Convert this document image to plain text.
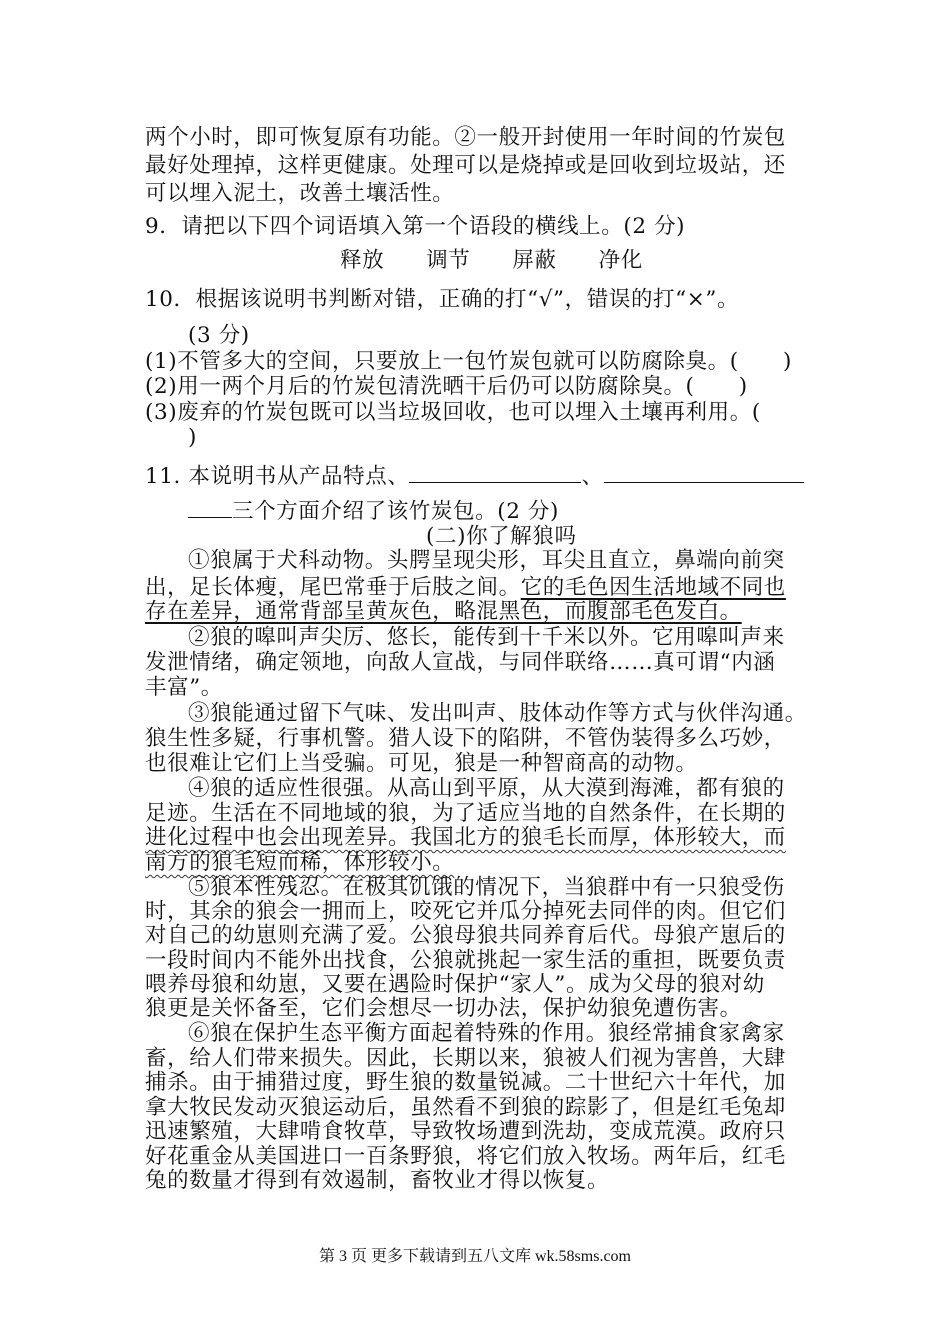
两个小时，即可恢复原有功能。②一般开封使用一年时间的竹炭包
最好处理掉，这样更健康。处理可以是烧掉或是回收到垃圾站，还
可以埋入泥土，改善土壤活性。
9．请把以下四个词语填入第一个语段的横线上。(2 分)
释放 调节 屏蔽 净化
10．根据该说明书判断对错，正确的打“√”，错误的打“×”。
(3 分)
(1)不管多大的空间，只要放上一包竹炭包就可以防腐除臭。(　　)
(2)用一两个月后的竹炭包清洗晒干后仍可以防腐除臭。(　　)
(3)废弃的竹炭包既可以当垃圾回收，也可以埋入土壤再利用。(
)
11. 本说明书从产品特点、	、
三个方面介绍了该竹炭包。(2 分)
(二)你了解狼吗
①狼属于犬科动物。头腭呈现尖形，耳尖且直立，鼻端向前突
出，足长体瘦，尾巴常垂于后肢之间。它的毛色因生活地域不同也
存在差异，通常背部呈黄灰色，略混黑色，而腹部毛色发白。
②狼的嗥叫声尖厉、悠长，能传到十千米以外。它用嗥叫声来
发泄情绪，确定领地，向敌人宣战，与同伴联络……真可谓“内涵
丰富”。
③狼能通过留下气味、发出叫声、肢体动作等方式与伙伴沟通。
狼生性多疑，行事机警。猎人设下的陷阱，不管伪装得多么巧妙，
也很难让它们上当受骗。可见，狼是一种智商高的动物。
④狼的适应性很强。从高山到平原，从大漠到海滩，都有狼的
足迹。生活在不同地域的狼，为了适应当地的自然条件，在长期的
进化过程中也会出现差异。我国北方的狼毛长而厚，体形较大，而
南方的狼毛短而稀，体形较小。
⑤狼本性残忍。在极其饥饿的情况下，当狼群中有一只狼受伤
时，其余的狼会一拥而上，咬死它并瓜分掉死去同伴的肉。但它们
对自己的幼崽则充满了爱。公狼母狼共同养育后代。母狼产崽后的
一段时间内不能外出找食，公狼就挑起一家生活的重担，既要负责
喂养母狼和幼崽，又要在遇险时保护“家人”。成为父母的狼对幼
狼更是关怀备至，它们会想尽一切办法，保护幼狼免遭伤害。
⑥狼在保护生态平衡方面起着特殊的作用。狼经常捕食家禽家
畜，给人们带来损失。因此，长期以来，狼被人们视为害兽，大肆
捕杀。由于捕猎过度，野生狼的数量锐减。二十世纪六十年代，加
拿大牧民发动灭狼运动后，虽然看不到狼的踪影了，但是红毛兔却
迅速繁殖，大肆啃食牧草，导致牧场遭到洗劫，变成荒漠。政府只
好花重金从美国进口一百条野狼，将它们放入牧场。两年后，红毛
兔的数量才得到有效遏制，畜牧业才得以恢复。
第 3 页 更多下载请到五八文库 wk.58sms.com
